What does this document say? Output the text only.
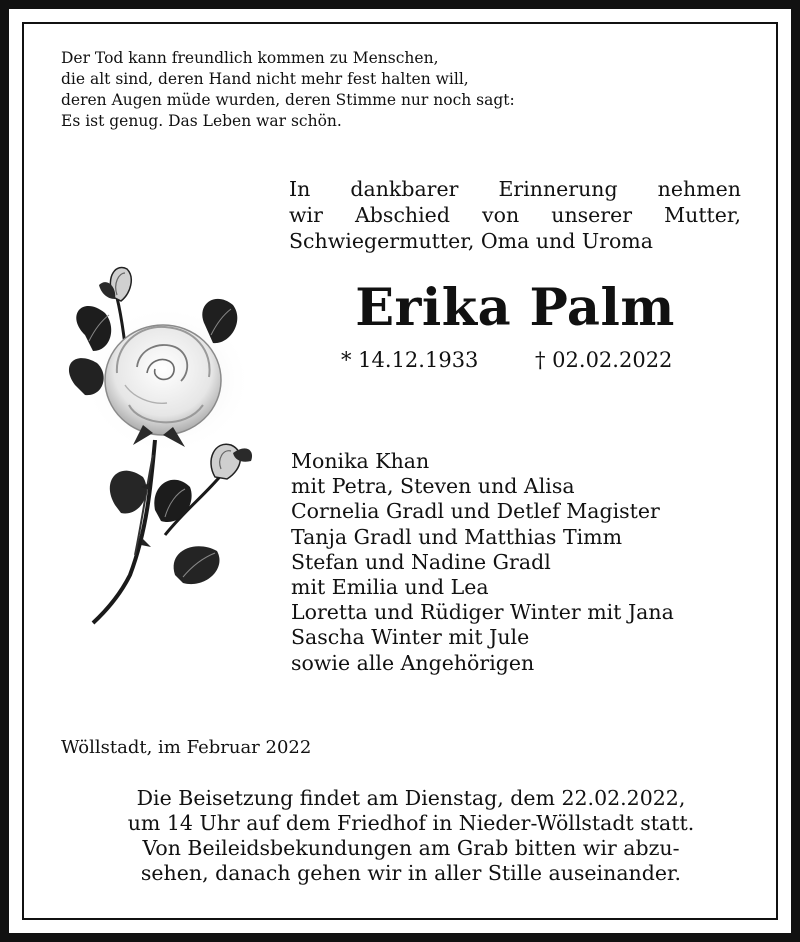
Der Tod kann freundlich kommen zu Menschen,
die alt sind, deren Hand nicht mehr fest halten will,
deren Augen müde wurden, deren Stimme nur noch sagt:
Es ist genug. Das Leben war schön.
In dankbarer Erinnerung nehmen
wir Abschied von unserer Mutter,
Schwiegermutter, Oma und Uroma
Erika Palm
* 14.12.1933	† 02.02.2022
Monika Khan
mit Petra, Steven und Alisa
Cornelia Gradl und Detlef Magister
Tanja Gradl und Matthias Timm
Stefan und Nadine Gradl
mit Emilia und Lea
Loretta und Rüdiger Winter mit Jana
Sascha Winter mit Jule
sowie alle Angehörigen
Wöllstadt, im Februar 2022
Die Beisetzung findet am Dienstag, dem 22.02.2022,
um 14 Uhr auf dem Friedhof in Nieder-Wöllstadt statt.
Von Beileidsbekundungen am Grab bitten wir abzu-
sehen, danach gehen wir in aller Stille auseinander.
